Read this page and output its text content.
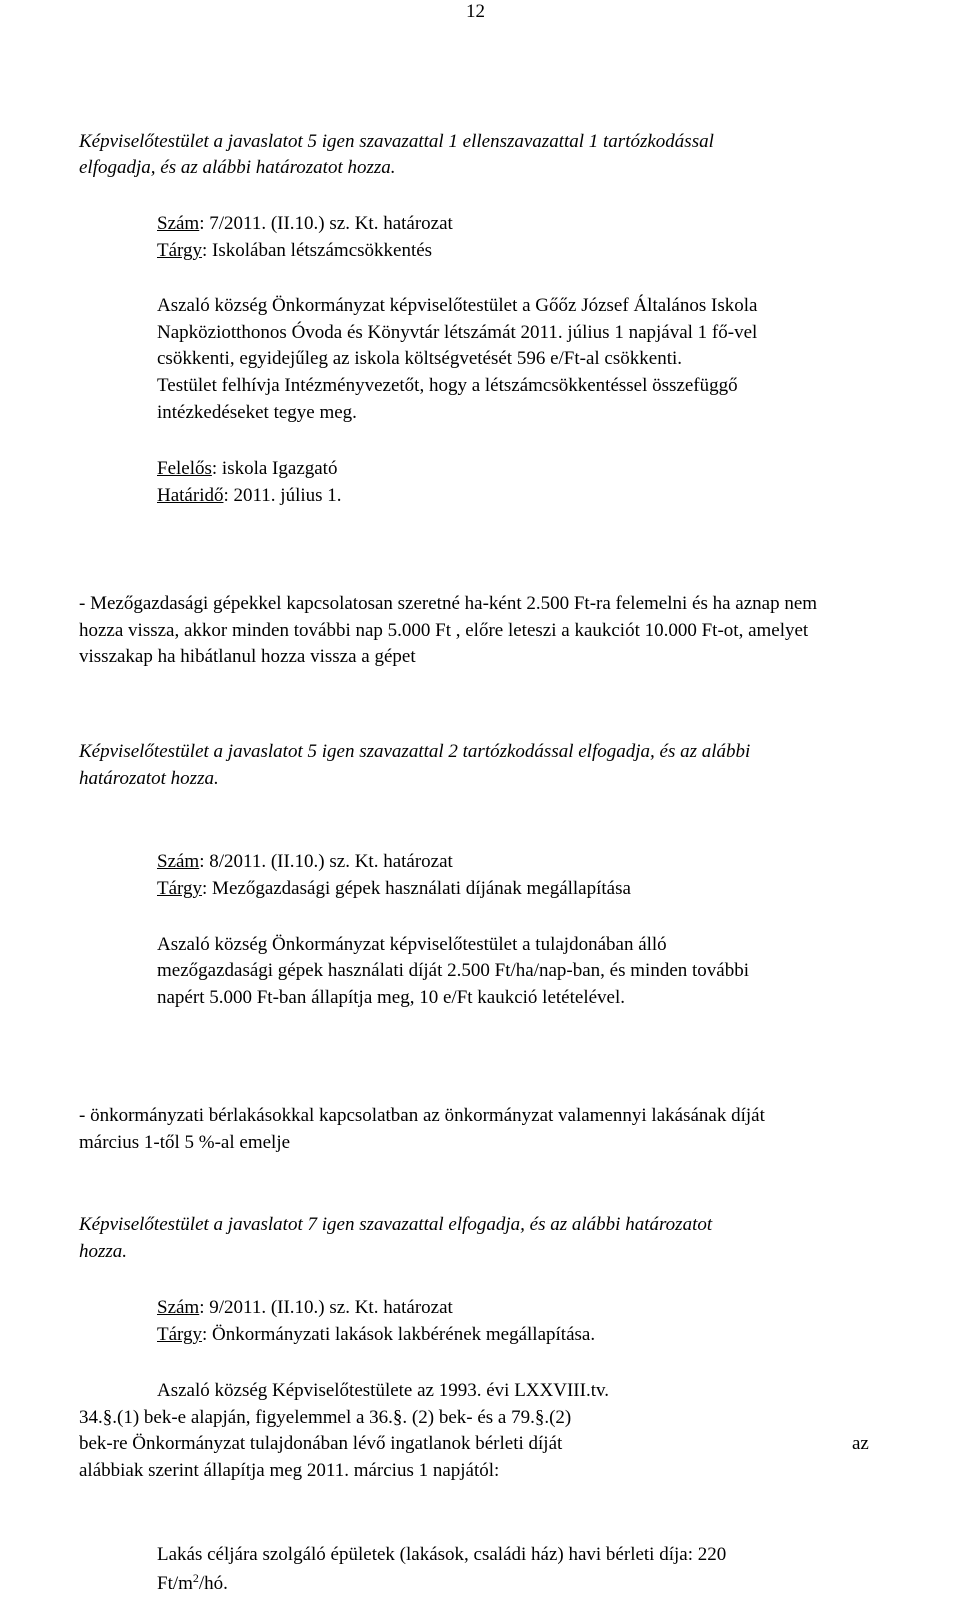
12
Képviselőtestület a javaslatot 5 igen szavazattal 1 ellenszavazattal 1 tartózkodással
elfogadja, és az alábbi határozatot hozza.
Szám: 7/2011. (II.10.) sz. Kt. határozat
Tárgy: Iskolában létszámcsökkentés
Aszaló község Önkormányzat képviselőtestület a Gőőz József Általános Iskola
Napköziotthonos Óvoda és Könyvtár létszámát 2011. július 1 napjával 1 fő-vel
csökkenti, egyidejűleg az iskola költségvetését 596 e/Ft-al csökkenti.
Testület felhívja Intézményvezetőt, hogy a létszámcsökkentéssel összefüggő
intézkedéseket tegye meg.
Felelős: iskola Igazgató
Határidő: 2011. július 1.
- Mezőgazdasági gépekkel kapcsolatosan szeretné ha-ként 2.500 Ft-ra felemelni és ha aznap nem
hozza vissza, akkor minden további nap 5.000 Ft , előre leteszi a kaukciót 10.000 Ft-ot, amelyet
visszakap ha hibátlanul hozza vissza a gépet
Képviselőtestület a javaslatot 5 igen szavazattal 2 tartózkodással elfogadja, és az alábbi
határozatot hozza.
Szám: 8/2011. (II.10.) sz. Kt. határozat
Tárgy: Mezőgazdasági gépek használati díjának megállapítása
Aszaló község Önkormányzat képviselőtestület a tulajdonában álló
mezőgazdasági gépek használati díját 2.500 Ft/ha/nap-ban, és minden további
napért 5.000 Ft-ban állapítja meg, 10 e/Ft kaukció letételével.
- önkormányzati bérlakásokkal kapcsolatban az önkormányzat valamennyi lakásának díját
március 1-től 5 %-al emelje
Képviselőtestület a javaslatot 7 igen szavazattal elfogadja, és az alábbi határozatot
hozza.
Szám: 9/2011. (II.10.) sz. Kt. határozat
Tárgy: Önkormányzati lakások lakbérének megállapítása.
Aszaló község Képviselőtestülete az 1993. évi LXXVIII.tv.
34.§.(1) bek-e alapján, figyelemmel a 36.§. (2) bek- és a 79.§.(2)
bek-re Önkormányzat tulajdonában lévő ingatlanok bérleti díját	az
alábbiak szerint állapítja meg 2011. március 1 napjától:
Lakás céljára szolgáló épületek (lakások, családi ház) havi bérleti díja: 220
$Ft/m^2/hó$.
